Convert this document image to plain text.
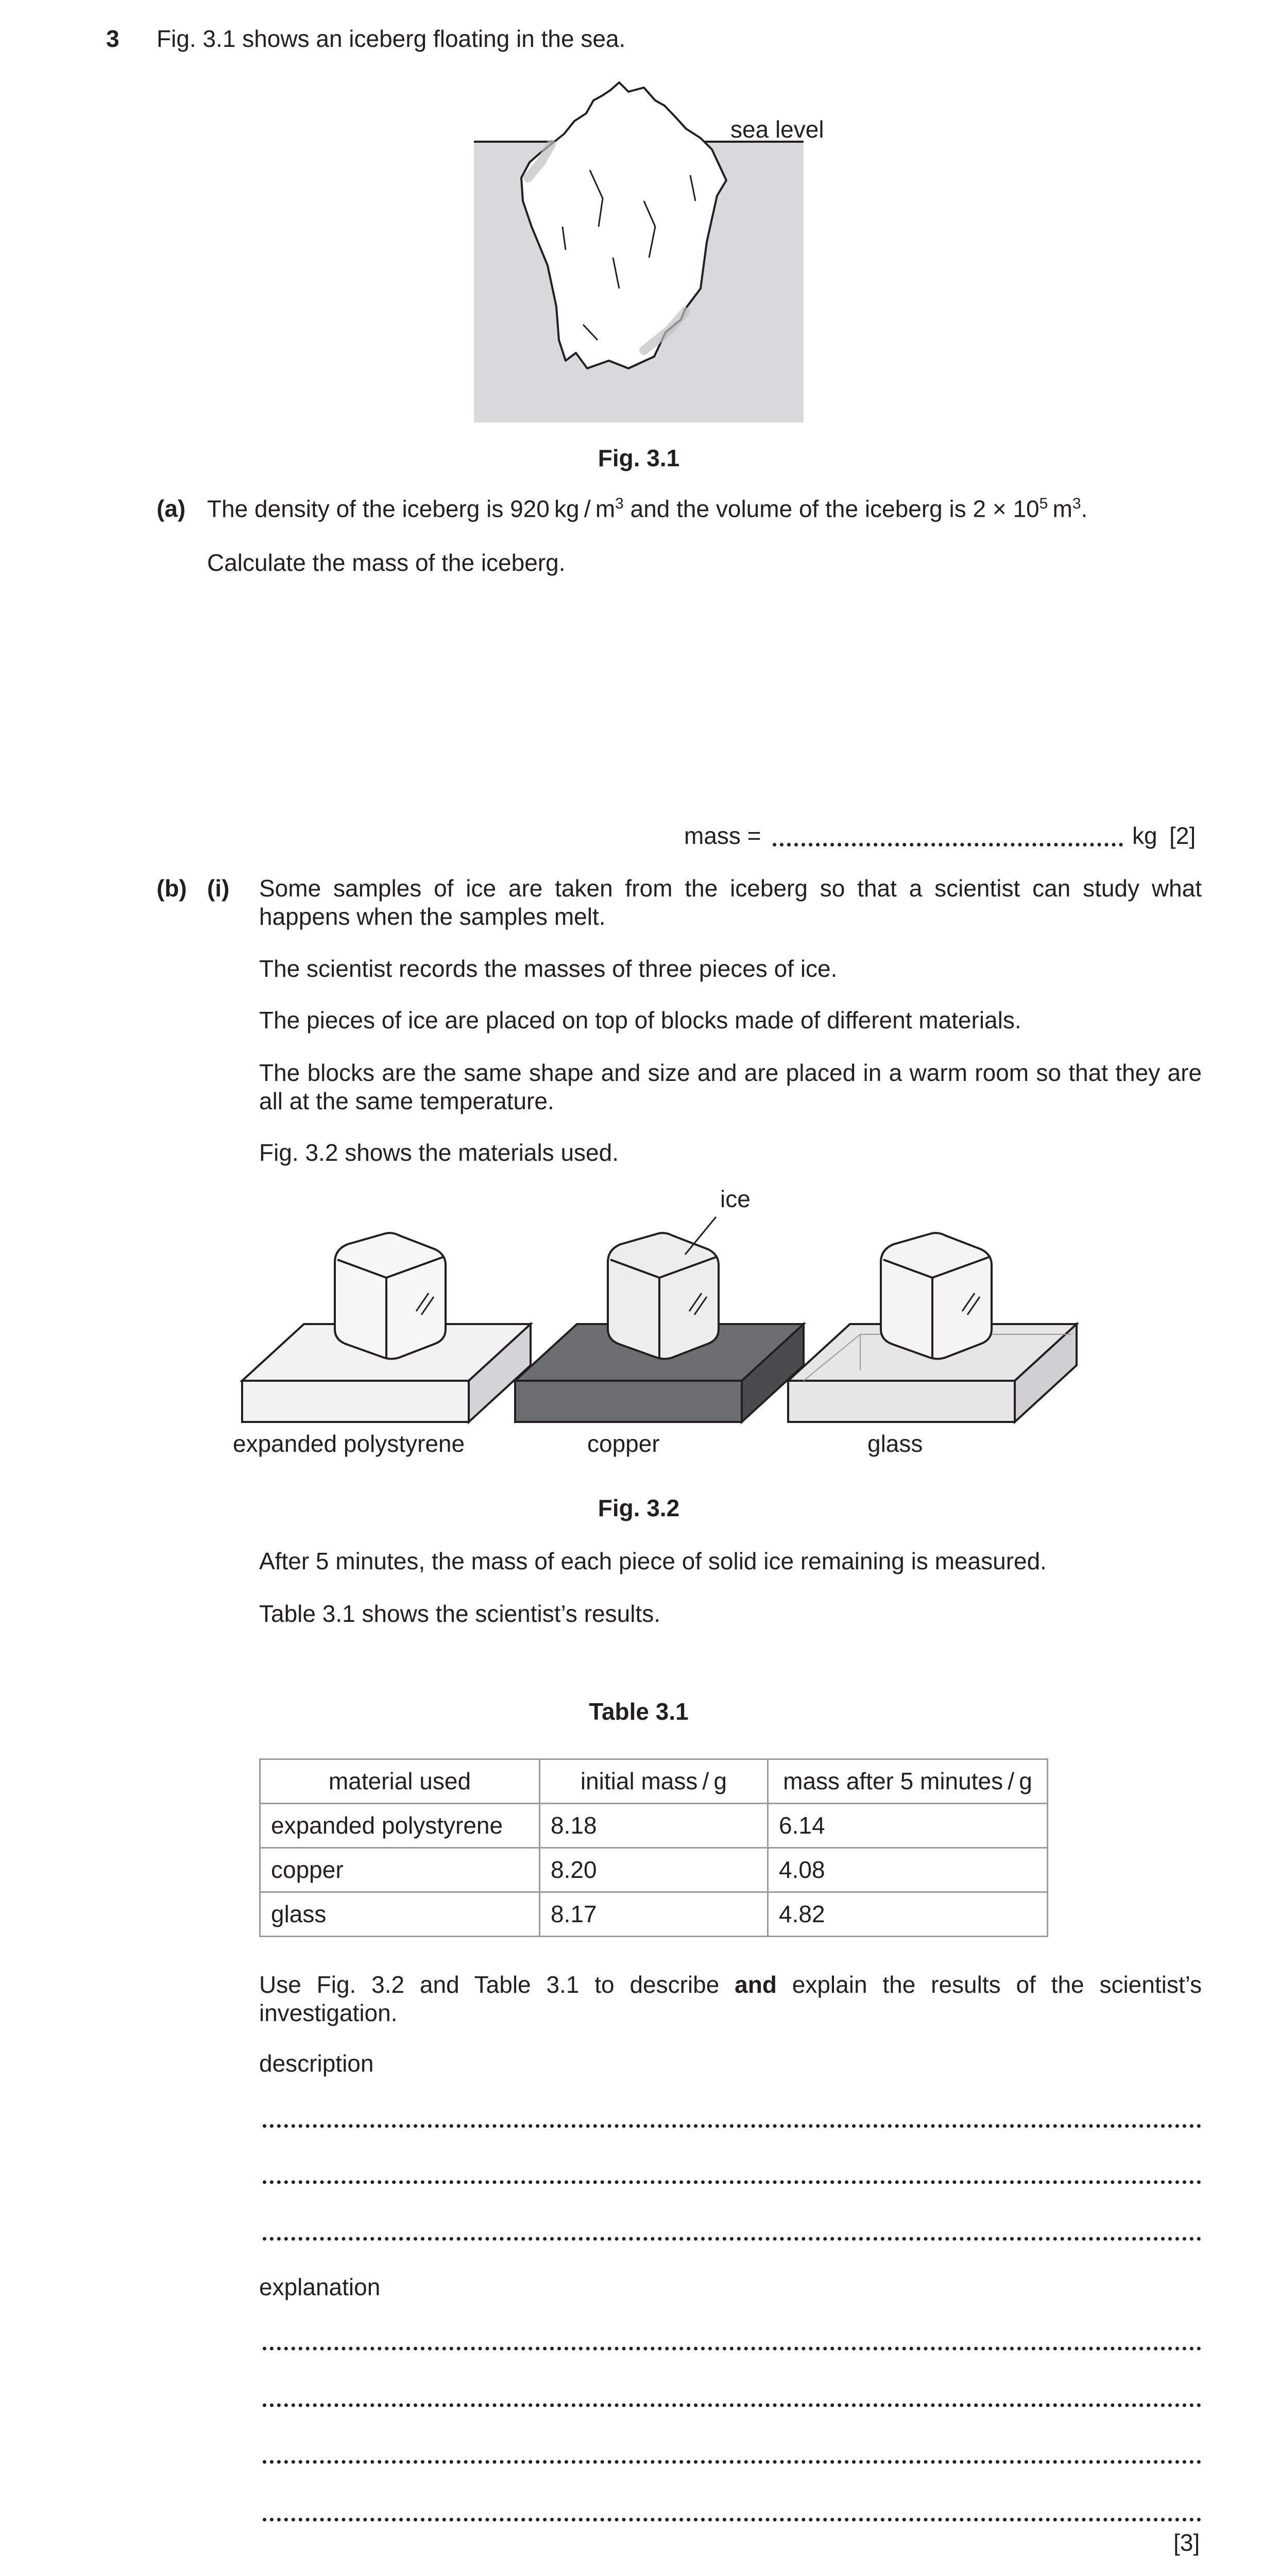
3 Fig. 3.1 shows an iceberg floating in the sea.
sea level
Fig. 3.1
(a) The density of the iceberg is 920 kg / $m^3$ and the volume of the iceberg is $2 \times 10^5$ $m^3$.
Calculate the mass of the iceberg.
mass =	kg [2]
(b) (i) Some samples of ice are taken from the iceberg so that a scientist can study what happens when the samples melt.
The scientist records the masses of three pieces of ice.
The pieces of ice are placed on top of blocks made of different materials.
The blocks are the same shape and size and are placed in a warm room so that they are all at the same temperature.
Fig. 3.2 shows the materials used.
ice
expanded polystyrene	copper	glass
Fig. 3.2
After 5 minutes, the mass of each piece of solid ice remaining is measured.
Table 3.1 shows the scientist’s results.
Table 3.1
material used	initial mass / g	mass after 5 minutes / g
expanded polystyrene	8.18	6.14
copper	8.20	4.08
glass	8.17	4.82
Use Fig. 3.2 and Table 3.1 to describe and explain the results of the scientist’s investigation.
description
explanation
[3]
